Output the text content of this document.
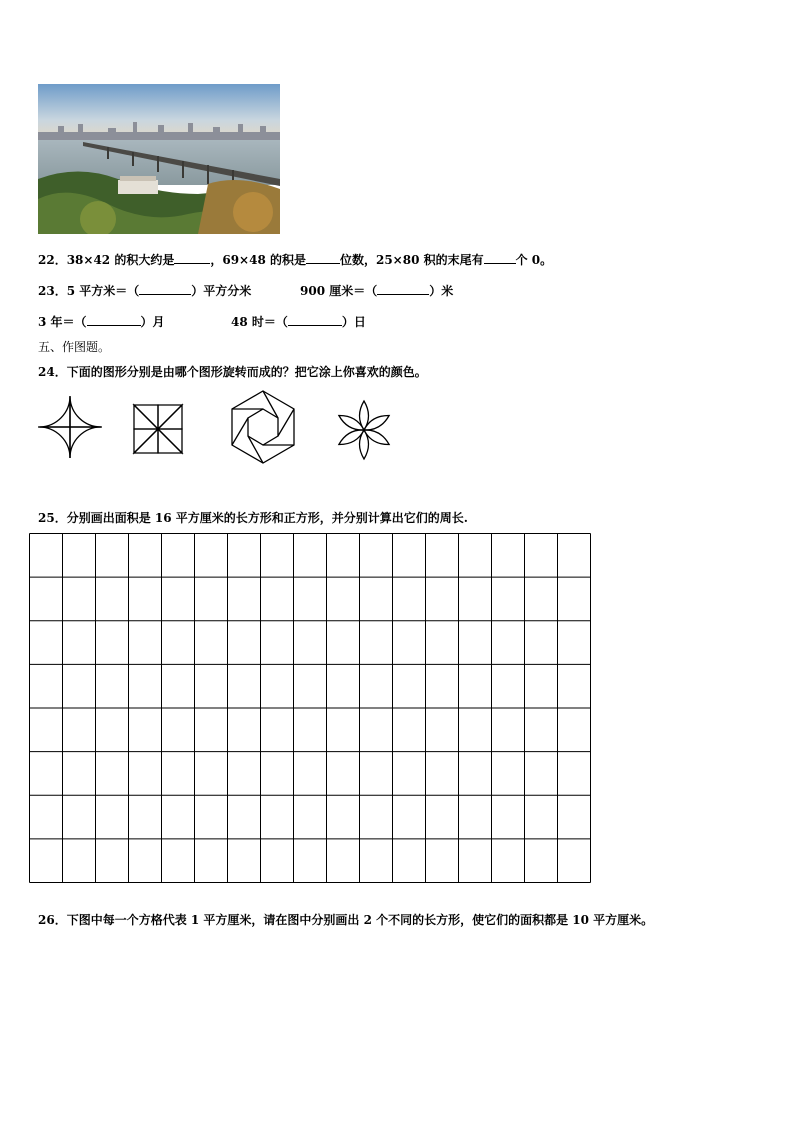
22．38×42 的积大约是	，69×48 的积是	位数，25×80 积的末尾有	个 0。
23．5 平方米＝（	）平方分米	900 厘米＝（	）米
3 年＝（	）月	48 时＝（	）日
五、作图题。
24．下面的图形分别是由哪个图形旋转而成的？把它涂上你喜欢的颜色。
25．分别画出面积是 16 平方厘米的长方形和正方形，并分别计算出它们的周长.
26．下图中每一个方格代表 1 平方厘米，请在图中分别画出 2 个不同的长方形，使它们的面积都是 10 平方厘米。
